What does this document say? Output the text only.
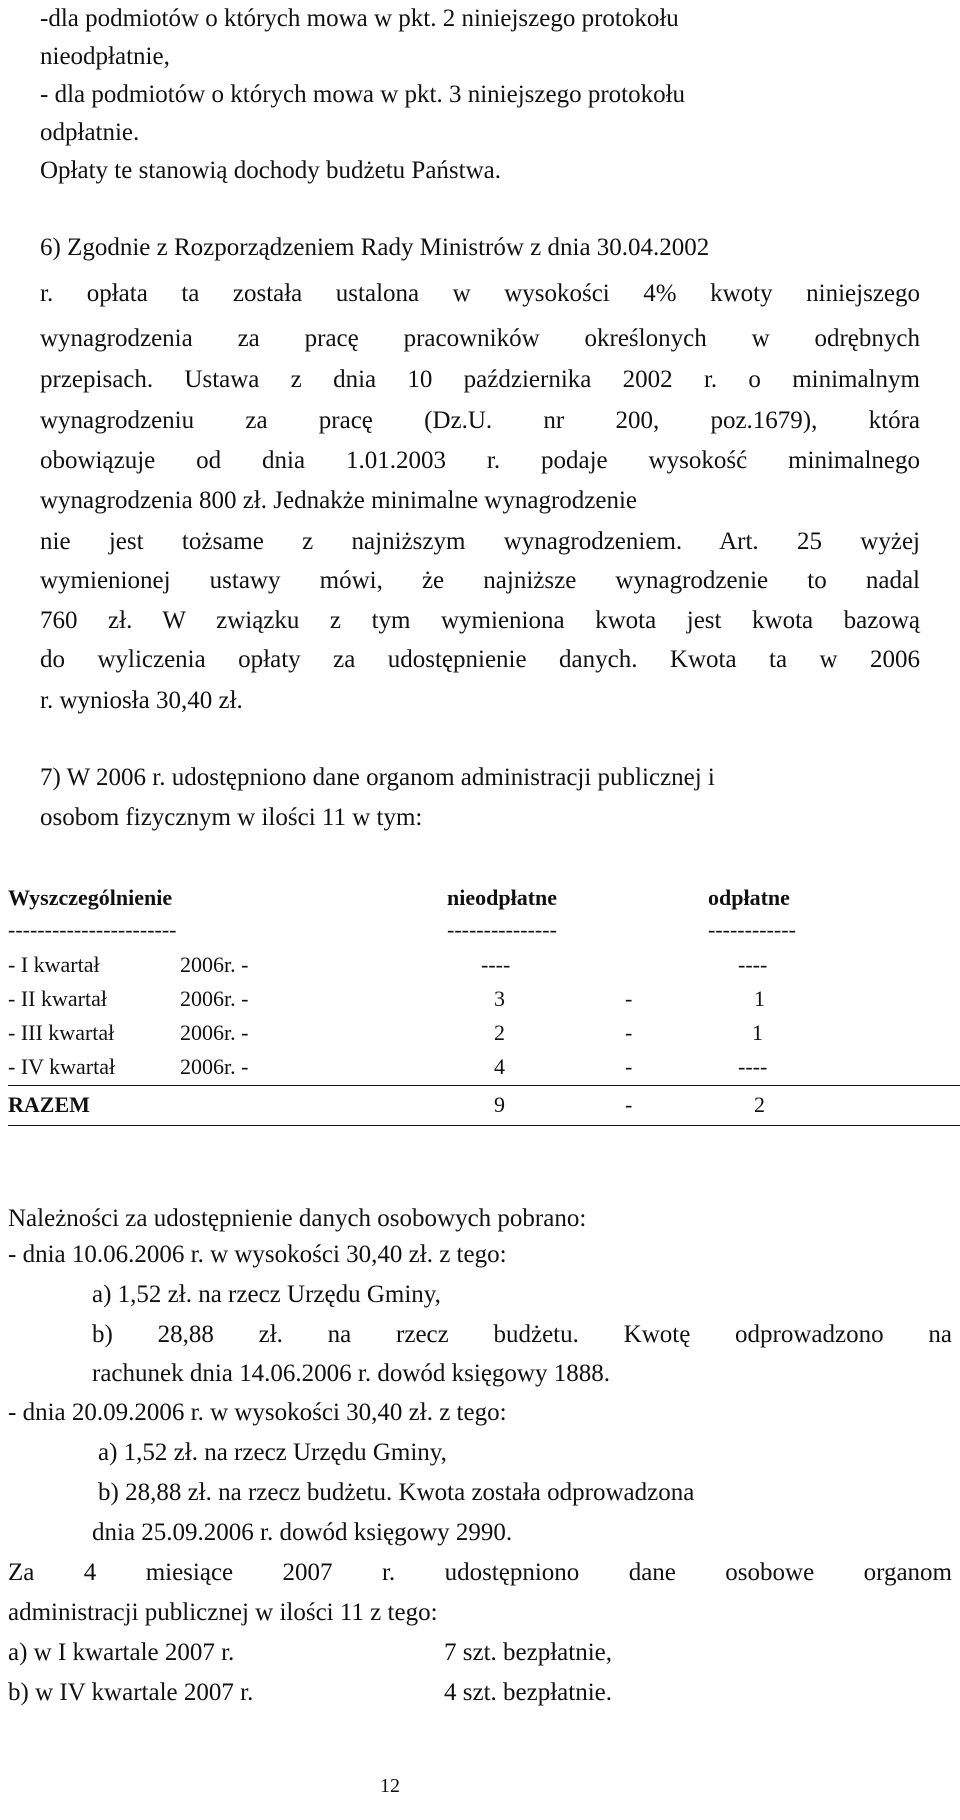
-dla podmiotów o których mowa w pkt. 2 niniejszego protokołu
nieodpłatnie,
- dla podmiotów o których mowa w pkt. 3 niniejszego protokołu
odpłatnie.
Opłaty te stanowią dochody budżetu Państwa.
6) Zgodnie z Rozporządzeniem Rady Ministrów z dnia 30.04.2002
r. opłata ta została ustalona w wysokości 4% kwoty niniejszego
wynagrodzenia za pracę pracowników określonych w odrębnych
przepisach. Ustawa z dnia 10 października 2002 r. o minimalnym
wynagrodzeniu za pracę (Dz.U. nr 200, poz.1679), która
obowiązuje od dnia 1.01.2003 r. podaje wysokość minimalnego
wynagrodzenia 800 zł. Jednakże minimalne wynagrodzenie
nie jest tożsame z najniższym wynagrodzeniem. Art. 25 wyżej
wymienionej ustawy mówi, że najniższe wynagrodzenie to nadal
760 zł. W związku z tym wymieniona kwota jest kwota bazową
do wyliczenia opłaty za udostępnienie danych. Kwota ta w 2006
r. wyniosła 30,40 zł.
7) W 2006 r. udostępniono dane organom administracji publicznej i
osobom fizycznym w ilości 11 w tym:
Wyszczególnienie	nieodpłatne	odpłatne
-----------------------	---------------	------------
- I kwartał	2006r. -	----	----
- II kwartał	2006r. -	3	-	1
- III kwartał	2006r. -	2	-	1
- IV kwartał	2006r. -	4	-	----
RAZEM	9	-	2
Należności za udostępnienie danych osobowych pobrano:
- dnia 10.06.2006 r. w wysokości 30,40 zł. z tego:
a) 1,52 zł. na rzecz Urzędu Gminy,
b) 28,88 zł. na rzecz budżetu. Kwotę odprowadzono na
rachunek dnia 14.06.2006 r. dowód księgowy 1888.
- dnia 20.09.2006 r. w wysokości 30,40 zł. z tego:
a) 1,52 zł. na rzecz Urzędu Gminy,
b) 28,88 zł. na rzecz budżetu. Kwota została odprowadzona
dnia 25.09.2006 r. dowód księgowy 2990.
Za 4 miesiące 2007 r. udostępniono dane osobowe organom
administracji publicznej w ilości 11 z tego:
a) w I kwartale 2007 r.	7 szt. bezpłatnie,
b) w IV kwartale 2007 r.	4 szt. bezpłatnie.
12
